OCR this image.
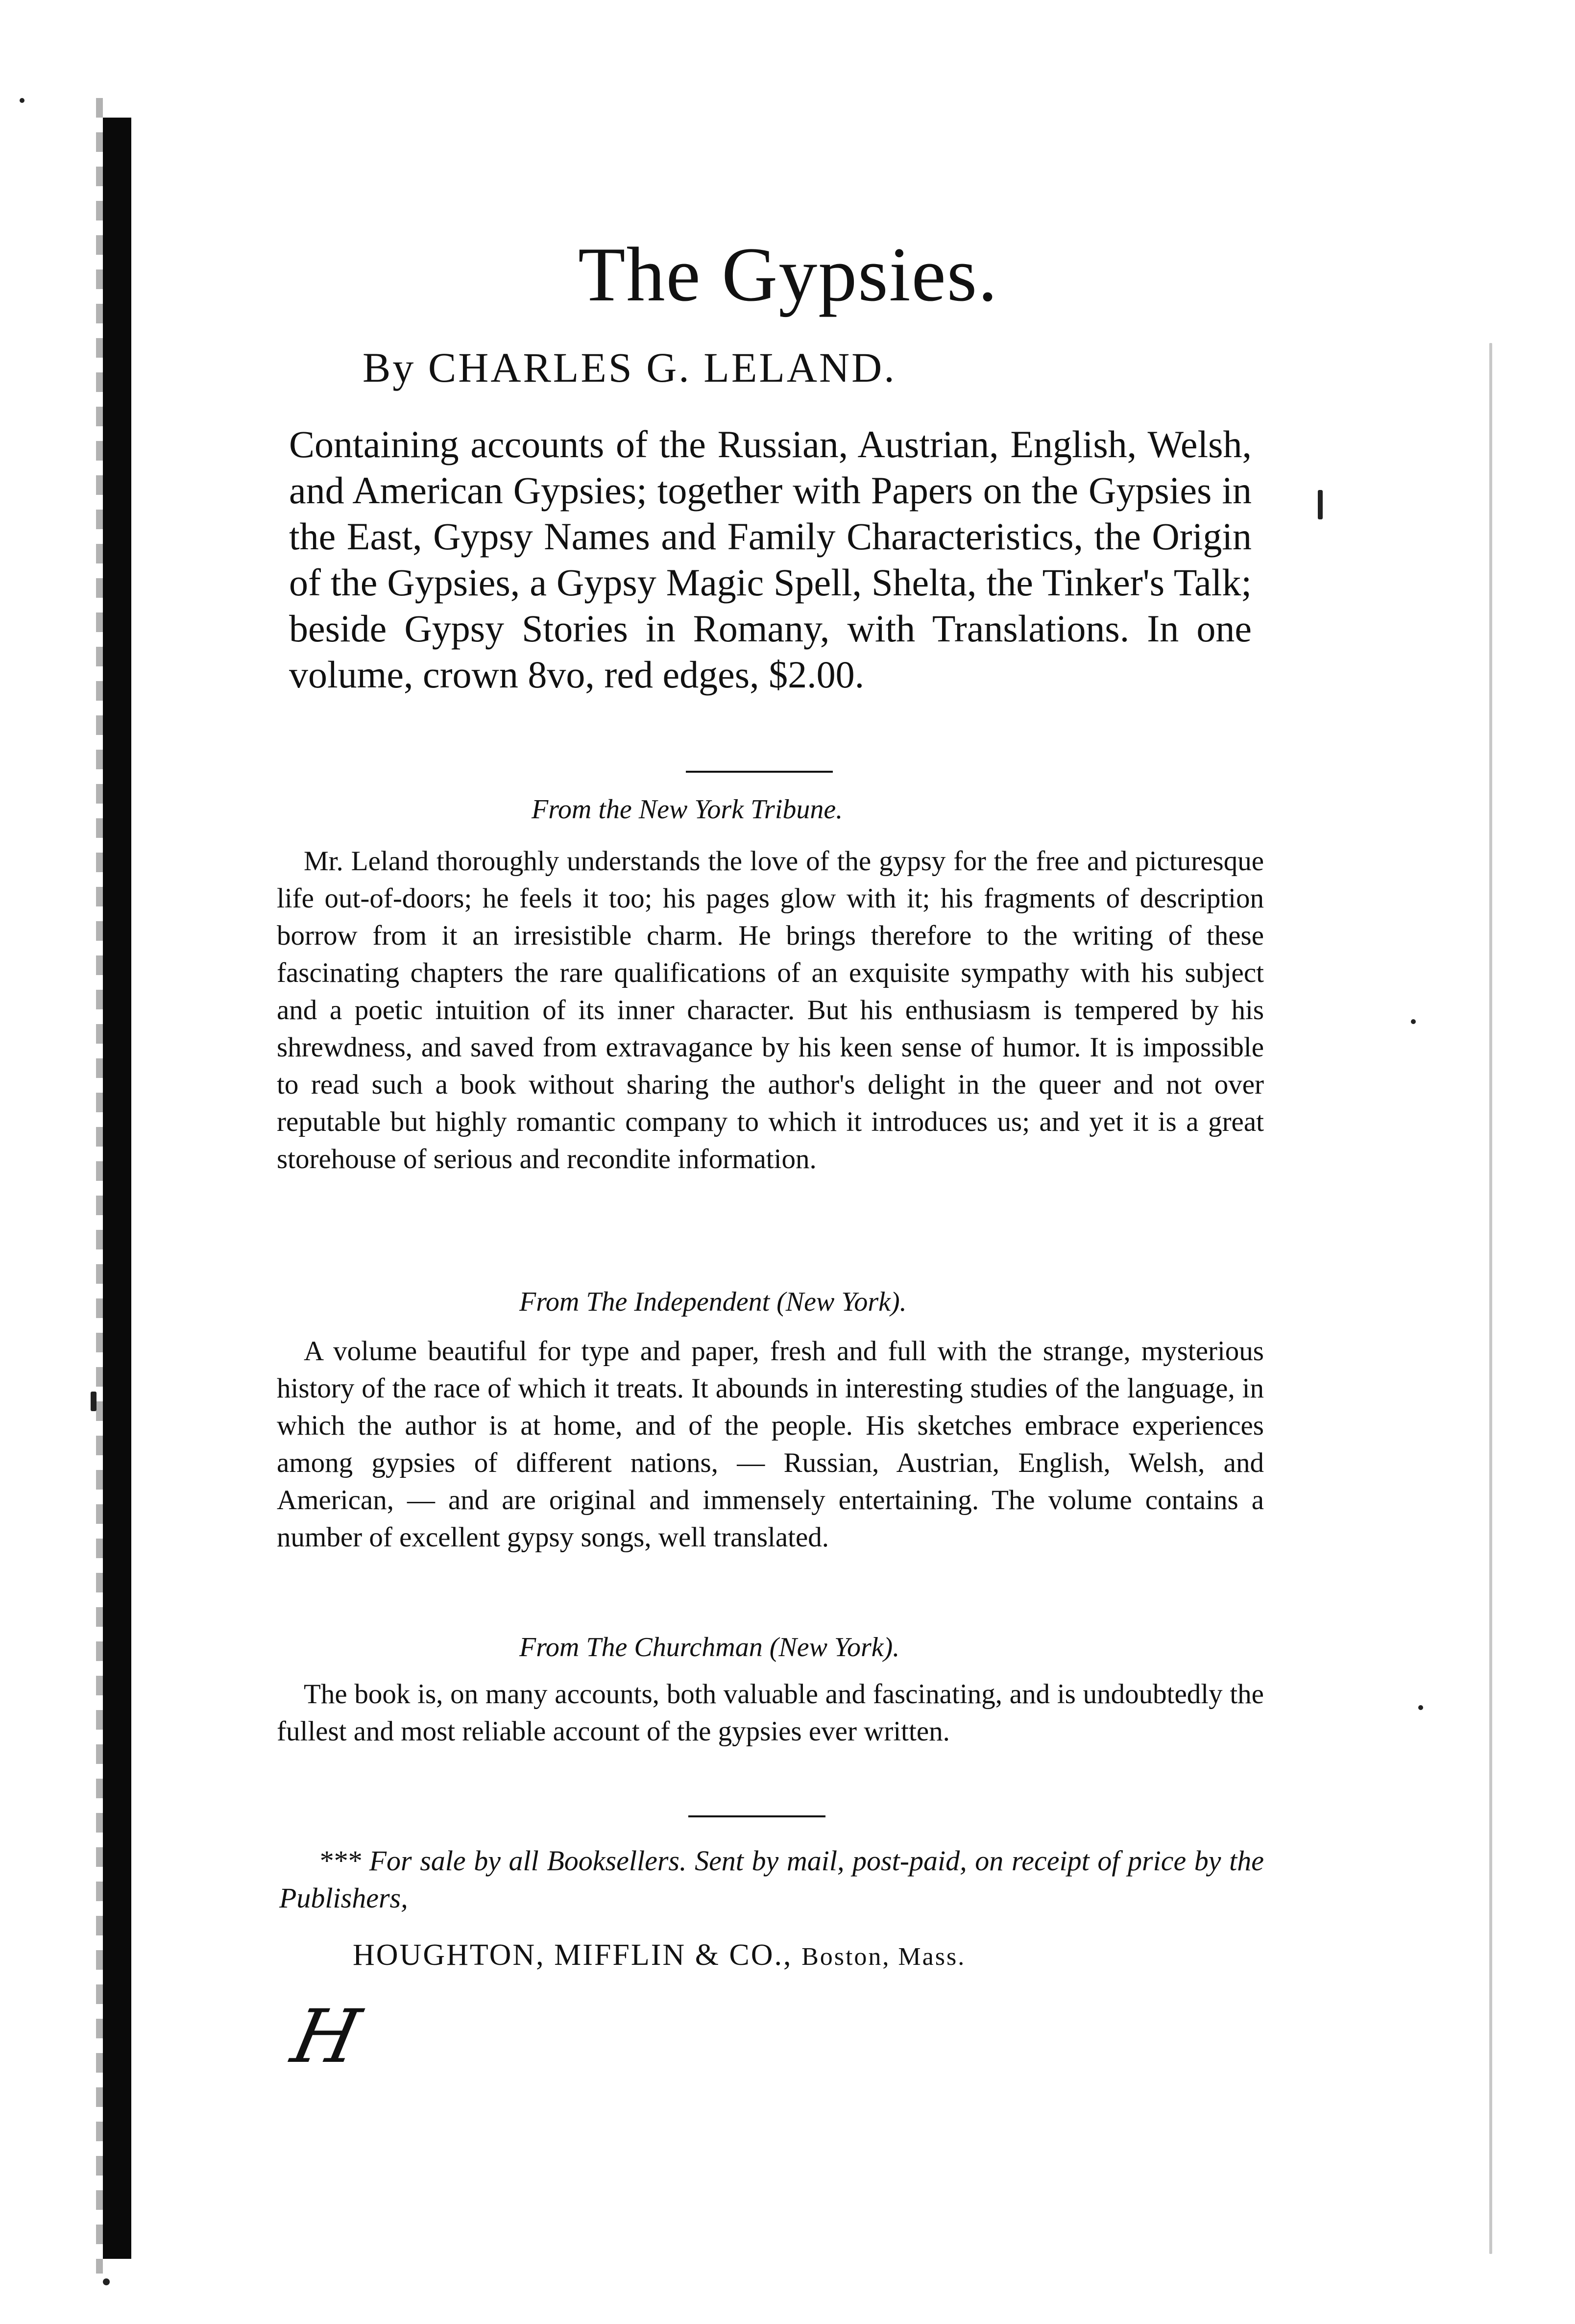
The Gypsies.
By CHARLES G. LELAND.
Containing accounts of the Russian, Austrian, English, Welsh, and American Gypsies; together with Papers on the Gypsies in the East, Gypsy Names and Family Characteristics, the Origin of the Gypsies, a Gypsy Magic Spell, Shelta, the Tinker's Talk; beside Gypsy Stories in Romany, with Translations. In one volume, crown 8vo, red edges, $2.00.
From the New York Tribune.
Mr. Leland thoroughly understands the love of the gypsy for the free and picturesque life out-of-doors; he feels it too; his pages glow with it; his fragments of description borrow from it an irresistible charm. He brings therefore to the writing of these fascinating chapters the rare qualifications of an exquisite sympathy with his subject and a poetic intuition of its inner character. But his enthusiasm is tempered by his shrewdness, and saved from extravagance by his keen sense of humor. It is impossible to read such a book without sharing the author's delight in the queer and not over reputable but highly romantic company to which it introduces us; and yet it is a great storehouse of serious and recondite information.
From The Independent (New York).
A volume beautiful for type and paper, fresh and full with the strange, mysterious history of the race of which it treats. It abounds in interesting studies of the language, in which the author is at home, and of the people. His sketches embrace experiences among gypsies of different nations, — Russian, Austrian, English, Welsh, and American, — and are original and immensely entertaining. The volume contains a number of excellent gypsy songs, well translated.
From The Churchman (New York).
The book is, on many accounts, both valuable and fascinating, and is undoubtedly the fullest and most reliable account of the gypsies ever written.
*** For sale by all Booksellers. Sent by mail, post-paid, on receipt of price by the Publishers,
HOUGHTON, MIFFLIN & CO., Boston, Mass.
H
